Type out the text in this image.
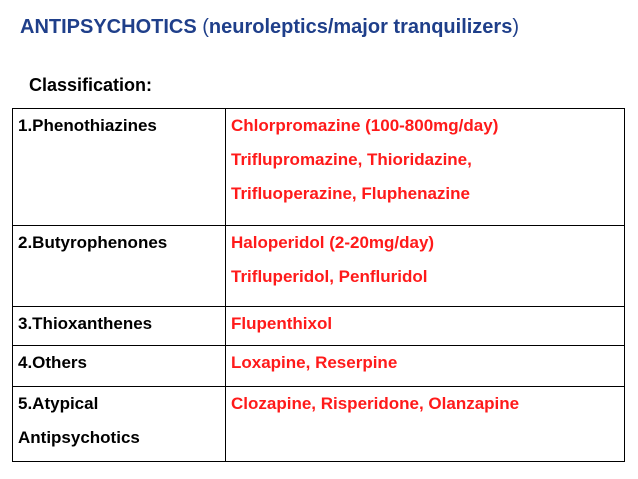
ANTIPSYCHOTICS (neuroleptics/major tranquilizers)
Classification:
1.Phenothiazines	Chlorpromazine (100-800mg/day)
Triflupromazine, Thioridazine,
Trifluoperazine, Fluphenazine

2.Butyrophenones	Haloperidol (2-20mg/day)
Trifluperidol, Penfluridol

3.Thioxanthenes	Flupenthixol

4.Others	Loxapine, Reserpine

5.Atypical
Antipsychotics	Clozapine, Risperidone, Olanzapine
